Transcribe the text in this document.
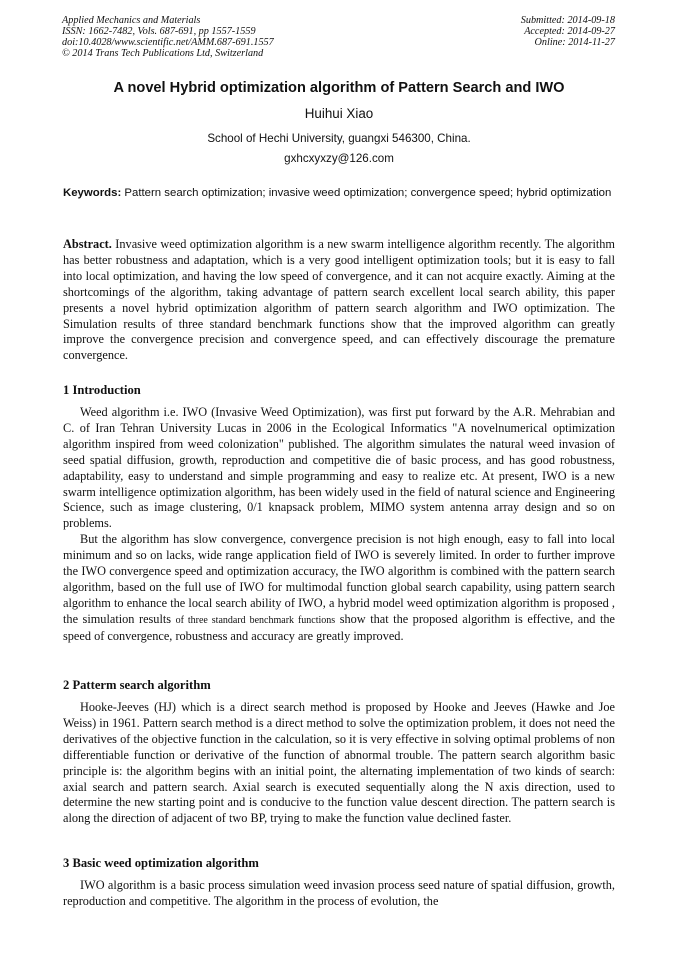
Applied Mechanics and Materials
ISSN: 1662-7482, Vols. 687-691, pp 1557-1559
doi:10.4028/www.scientific.net/AMM.687-691.1557
© 2014 Trans Tech Publications Ltd, Switzerland
Submitted: 2014-09-18
Accepted: 2014-09-27
Online: 2014-11-27
A novel Hybrid optimization algorithm of Pattern Search and IWO
Huihui Xiao
School of Hechi University, guangxi 546300, China.
gxhcxyxzy@126.com
Keywords: Pattern search optimization; invasive weed optimization; convergence speed; hybrid optimization

Abstract. Invasive weed optimization algorithm is a new swarm intelligence algorithm recently. The algorithm has better robustness and adaptation, which is a very good intelligent optimization tools; but it is easy to fall into local optimization, and having the low speed of convergence, and it can not acquire exactly. Aiming at the shortcomings of the algorithm, taking advantage of pattern search excellent local search ability, this paper presents a novel hybrid optimization algorithm of pattern search algorithm and IWO optimization. The Simulation results of three standard benchmark functions show that the improved algorithm can greatly improve the convergence precision and convergence speed, and can effectively discourage the premature convergence.

1 Introduction

Weed algorithm i.e. IWO (Invasive Weed Optimization), was first put forward by the A.R. Mehrabian and C. of Iran Tehran University Lucas in 2006 in the Ecological Informatics "A novelnumerical optimization algorithm inspired from weed colonization" published. The algorithm simulates the natural weed invasion of seed spatial diffusion, growth, reproduction and competitive die of basic process, and has good robustness, adaptability, easy to understand and simple programming and easy to realize etc. At present, IWO is a new swarm intelligence optimization algorithm, has been widely used in the field of natural science and Engineering Science, such as image clustering, 0/1 knapsack problem, MIMO system antenna array design and so on problems.

But the algorithm has slow convergence, convergence precision is not high enough, easy to fall into local minimum and so on lacks, wide range application field of IWO is severely limited. In order to further improve the IWO convergence speed and optimization accuracy, the IWO algorithm is combined with the pattern search algorithm, based on the full use of IWO for multimodal function global search capability, using pattern search algorithm to enhance the local search ability of IWO, a hybrid model weed optimization algorithm is proposed , the simulation results of three standard benchmark functions show that the proposed algorithm is effective, and the speed of convergence, robustness and accuracy are greatly improved.

2 Patterm search algorithm

Hooke-Jeeves (HJ) which is a direct search method is proposed by Hooke and Jeeves (Hawke and Joe Weiss) in 1961. Pattern search method is a direct method to solve the optimization problem, it does not need the derivatives of the objective function in the calculation, so it is very effective in solving optimal problems of non differentiable function or derivative of the function of abnormal trouble. The pattern search algorithm basic principle is: the algorithm begins with an initial point, the alternating implementation of two kinds of search: axial search and pattern search. Axial search is executed sequentially along the N axis direction, used to determine the new starting point and is conducive to the function value descent direction. The pattern search is along the direction of adjacent of two BP, trying to make the function value declined faster.

3 Basic weed optimization algorithm

IWO algorithm is a basic process simulation weed invasion process seed nature of spatial diffusion, growth, reproduction and competitive. The algorithm in the process of evolution, the
